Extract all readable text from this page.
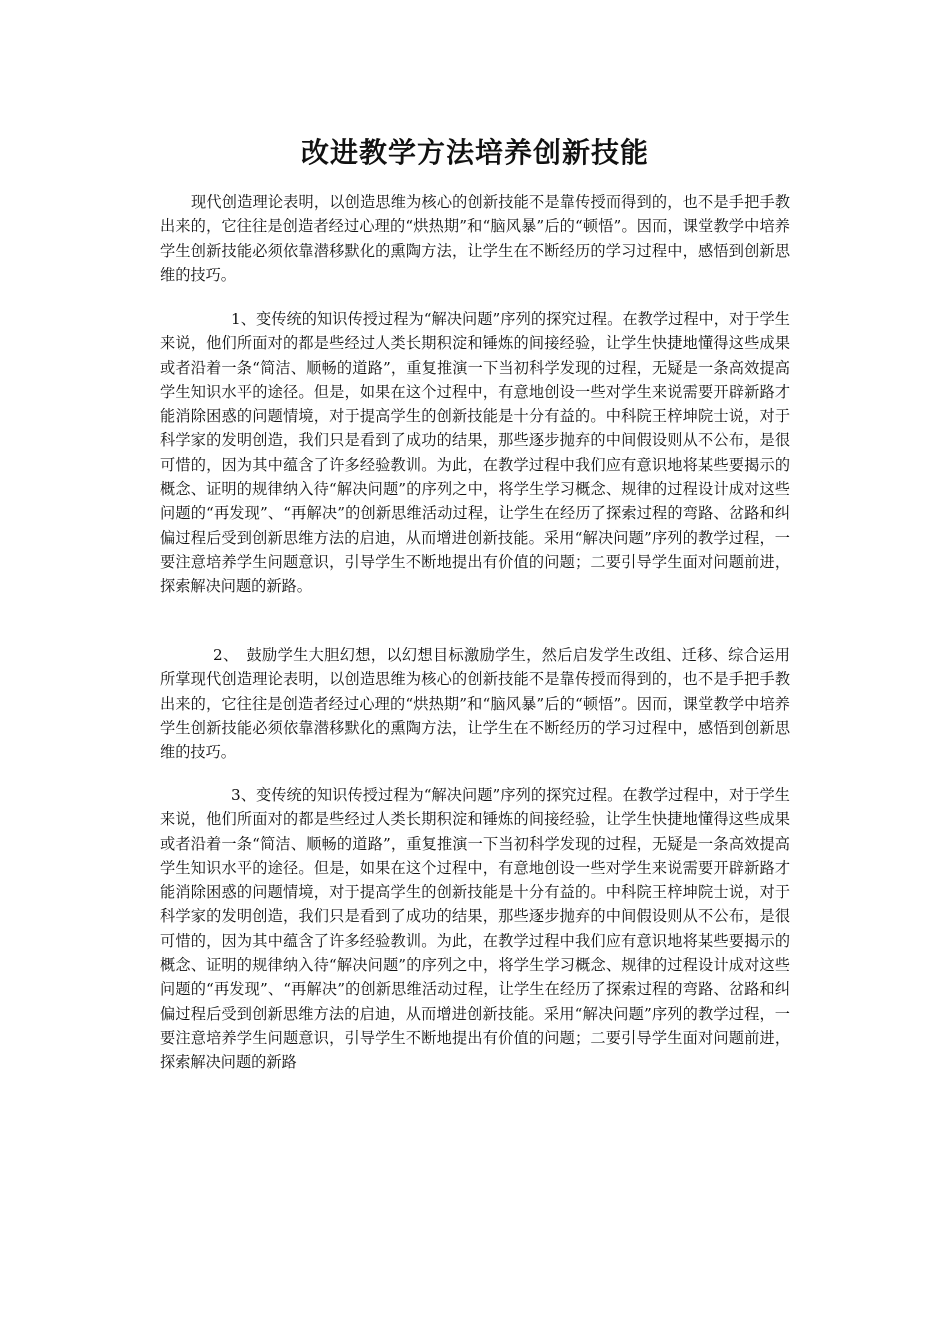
改进教学方法培养创新技能

现代创造理论表明，以创造思维为核心的创新技能不是靠传授而得到的，也不是手把手教出来的，它往往是创造者经过心理的“烘热期”和“脑风暴”后的“顿悟”。因而，课堂教学中培养学生创新技能必须依靠潜移默化的熏陶方法，让学生在不断经历的学习过程中，感悟到创新思维的技巧。

1、变传统的知识传授过程为“解决问题”序列的探究过程。在教学过程中，对于学生来说，他们所面对的都是些经过人类长期积淀和锤炼的间接经验，让学生快捷地懂得这些成果或者沿着一条“简洁、顺畅的道路”，重复推演一下当初科学发现的过程，无疑是一条高效提高学生知识水平的途径。但是，如果在这个过程中，有意地创设一些对学生来说需要开辟新路才能消除困惑的问题情境，对于提高学生的创新技能是十分有益的。中科院王梓坤院士说，对于科学家的发明创造，我们只是看到了成功的结果，那些逐步抛弃的中间假设则从不公布，是很可惜的，因为其中蕴含了许多经验教训。为此，在教学过程中我们应有意识地将某些要揭示的概念、证明的规律纳入待“解决问题”的序列之中，将学生学习概念、规律的过程设计成对这些问题的“再发现”、“再解决”的创新思维活动过程，让学生在经历了探索过程的弯路、岔路和纠偏过程后受到创新思维方法的启迪，从而增进创新技能。采用“解决问题”序列的教学过程，一要注意培养学生问题意识，引导学生不断地提出有价值的问题；二要引导学生面对问题前进，探索解决问题的新路。

2、　鼓励学生大胆幻想，以幻想目标激励学生，然后启发学生改组、迁移、综合运用所掌现代创造理论表明，以创造思维为核心的创新技能不是靠传授而得到的，也不是手把手教出来的，它往往是创造者经过心理的“烘热期”和“脑风暴”后的“顿悟”。因而，课堂教学中培养学生创新技能必须依靠潜移默化的熏陶方法，让学生在不断经历的学习过程中，感悟到创新思维的技巧。

3、变传统的知识传授过程为“解决问题”序列的探究过程。在教学过程中，对于学生来说，他们所面对的都是些经过人类长期积淀和锤炼的间接经验，让学生快捷地懂得这些成果或者沿着一条“简洁、顺畅的道路”，重复推演一下当初科学发现的过程，无疑是一条高效提高学生知识水平的途径。但是，如果在这个过程中，有意地创设一些对学生来说需要开辟新路才能消除困惑的问题情境，对于提高学生的创新技能是十分有益的。中科院王梓坤院士说，对于科学家的发明创造，我们只是看到了成功的结果，那些逐步抛弃的中间假设则从不公布，是很可惜的，因为其中蕴含了许多经验教训。为此，在教学过程中我们应有意识地将某些要揭示的概念、证明的规律纳入待“解决问题”的序列之中，将学生学习概念、规律的过程设计成对这些问题的“再发现”、“再解决”的创新思维活动过程，让学生在经历了探索过程的弯路、岔路和纠偏过程后受到创新思维方法的启迪，从而增进创新技能。采用“解决问题”序列的教学过程，一要注意培养学生问题意识，引导学生不断地提出有价值的问题；二要引导学生面对问题前进，探索解决问题的新路
